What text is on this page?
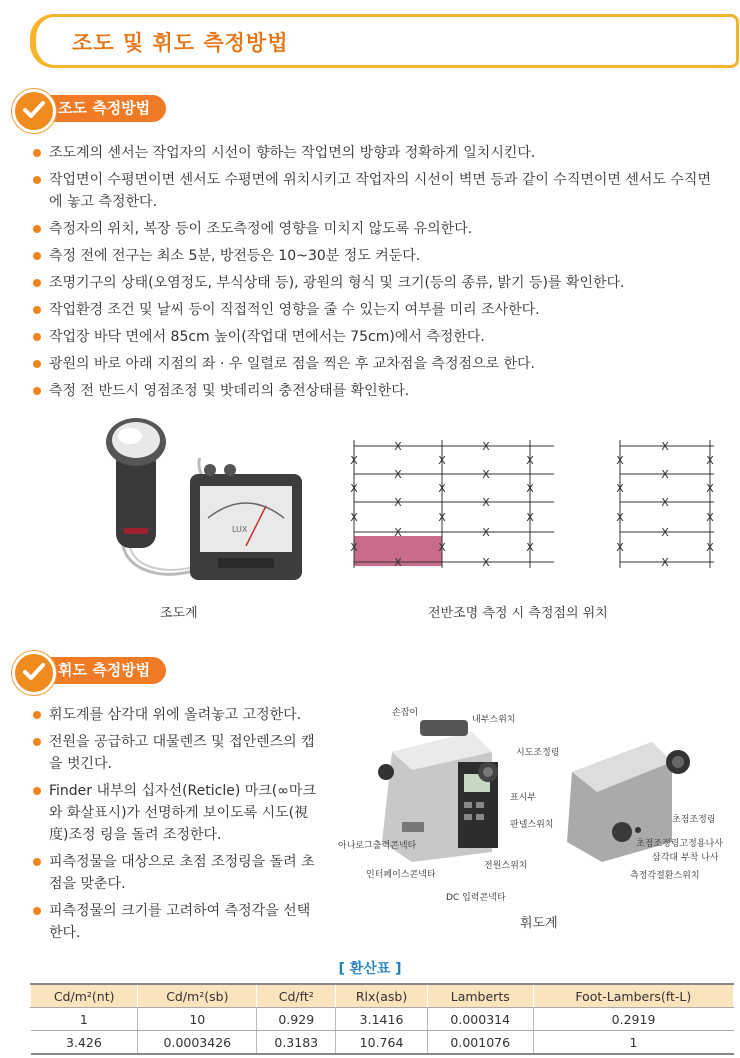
조도 및 휘도 측정방법
조도 측정방법
조도계의 센서는 작업자의 시선이 향하는 작업면의 방향과 정확하게 일치시킨다.
작업면이 수평면이면 센서도 수평면에 위치시키고 작업자의 시선이 벽면 등과 같이 수직면이면 센서도 수직면에 놓고 측정한다.
측정자의 위치, 복장 등이 조도측정에 영향을 미치지 않도록 유의한다.
측정 전에 전구는 최소 5분, 방전등은 10~30분 정도 켜둔다.
조명기구의 상태(오염정도, 부식상태 등), 광원의 형식 및 크기(등의 종류, 밝기 등)를 확인한다.
작업환경 조건 및 날씨 등이 직접적인 영향을 줄 수 있는지 여부를 미리 조사한다.
작업장 바닥 면에서 85cm 높이(작업대 면에서는 75cm)에서 측정한다.
광원의 바로 아래 지점의 좌 · 우 일렬로 점을 찍은 후 교차점을 측정점으로 한다.
측정 전 반드시 영점조정 및 밧데리의 충전상태를 확인한다.
LUX
조도계
X	X
X	X
X	X
X	X
X	X
X	X	X
X	X	X
X	X	X
X	X	X
X
X
X
X
X
X	X
X	X
X	X
X	X
전반조명 측정 시 측정점의 위치
휘도 측정방법
휘도계를 삼각대 위에 올려놓고 고정한다.
전원을 공급하고 대물렌즈 및 접안렌즈의 캡을 벗긴다.
Finder 내부의 십자선(Reticle) 마크(∞마크와 화살표시)가 선명하게 보이도록 시도(視度)조정 링을 돌려 조정한다.
피측정물을 대상으로 초점 조정링을 돌려 초점을 맞춘다.
피측정물의 크기를 고려하여 측정각을 선택한다.
손잡이
내부스위치
시도조정링
표시부
판넬스위치
아나로그출력콘넥타
인터페이스콘넥타
전원스위치
DC 입력콘넥타
초점조정링
초점조정링고정용나사
삼각대 부착 나사
측정각절환스위치
휘도계
[ 환산표 ]
Cd/m²(nt)	Cd/m²(sb)	Cd/ft²	Rlx(asb)	Lamberts	Foot-Lambers(ft-L)
1	10	0.929	3.1416	0.000314	0.2919
3.426	0.0003426	0.3183	10.764	0.001076	1
